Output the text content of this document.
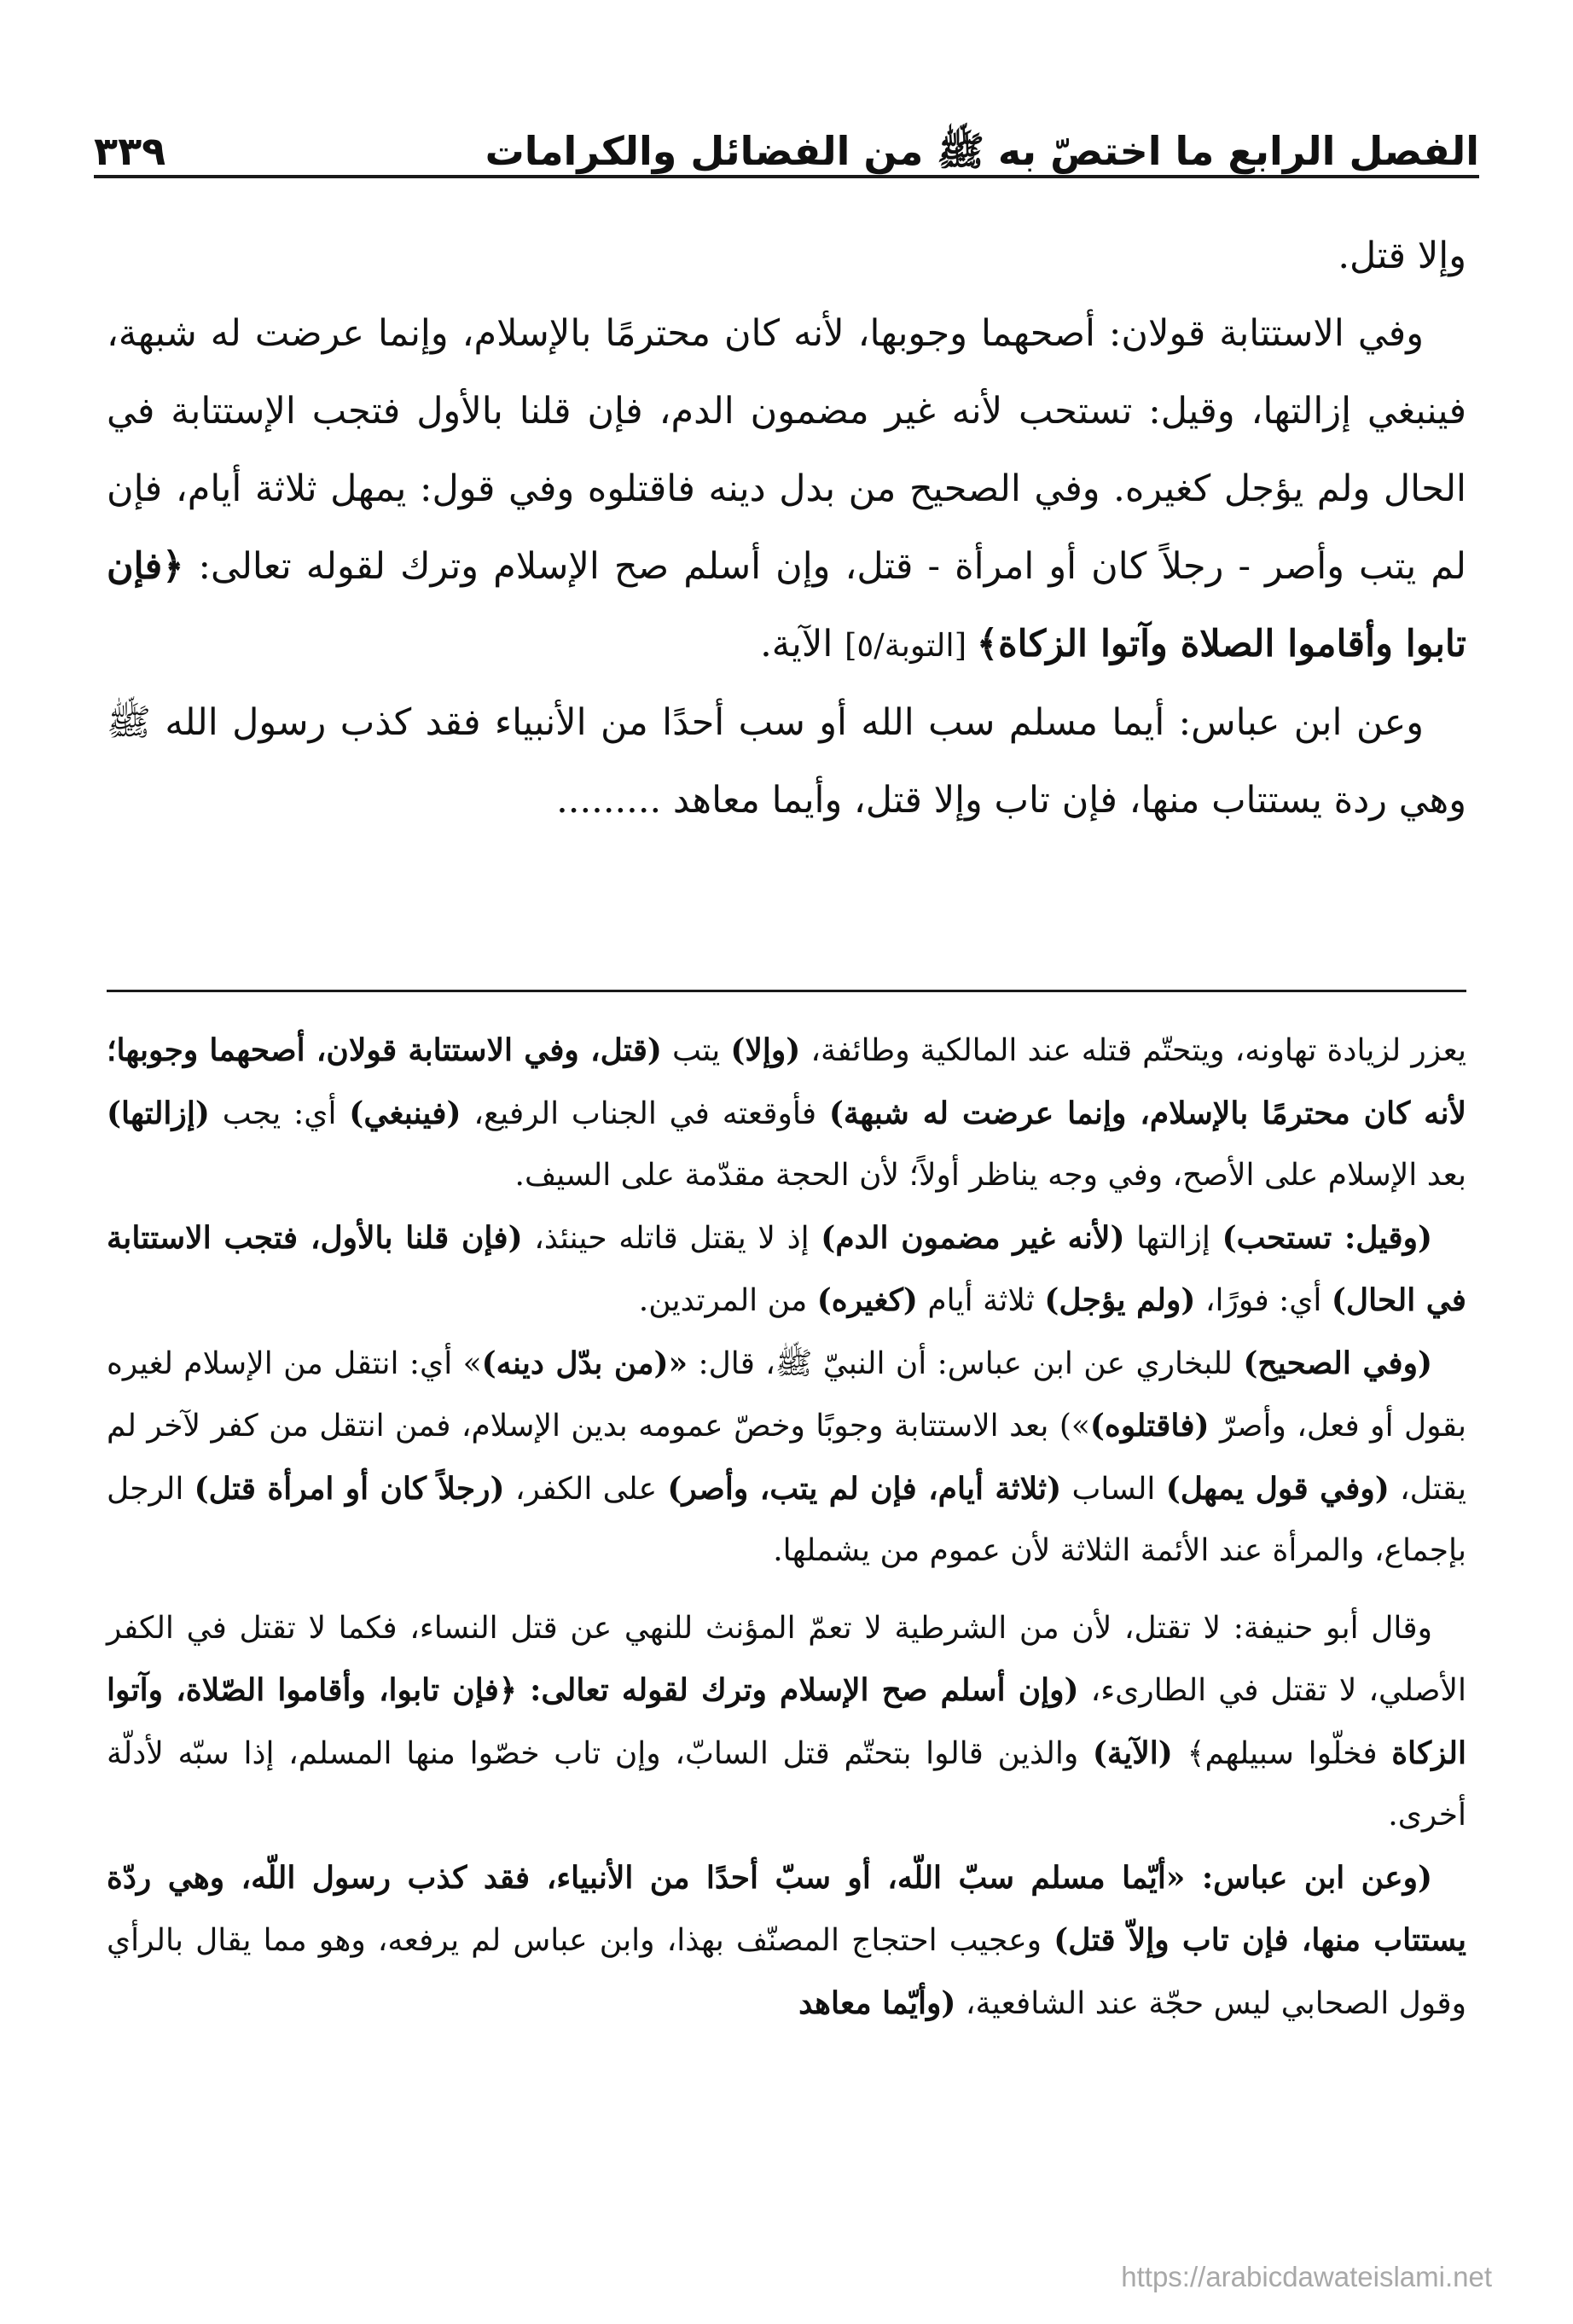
الفصل الرابع ما اختصّ به ﷺ من الفضائل والكرامات
٣٣٩

وإلا قتل.

وفي الاستتابة قولان: أصحهما وجوبها، لأنه كان محترمًا بالإسلام، وإنما عرضت له شبهة، فينبغي إزالتها، وقيل: تستحب لأنه غير مضمون الدم، فإن قلنا بالأول فتجب الإستتابة في الحال ولم يؤجل كغيره. وفي الصحيح من بدل دينه فاقتلوه وفي قول: يمهل ثلاثة أيام، فإن لم يتب وأصر - رجلاً كان أو امرأة - قتل، وإن أسلم صح الإسلام وترك لقوله تعالى: ﴿فإن تابوا وأقاموا الصلاة وآتوا الزكاة﴾ [التوبة/٥] الآية.

وعن ابن عباس: أيما مسلم سب الله أو سب أحدًا من الأنبياء فقد كذب رسول الله ﷺ وهي ردة يستتاب منها، فإن تاب وإلا قتل، وأيما معاهد .........

يعزر لزيادة تهاونه، ويتحتّم قتله عند المالكية وطائفة، (وإلا) يتب (قتل، وفي الاستتابة قولان، أصحهما وجوبها؛ لأنه كان محترمًا بالإسلام، وإنما عرضت له شبهة) فأوقعته في الجناب الرفيع، (فينبغي) أي: يجب (إزالتها) بعد الإسلام على الأصح، وفي وجه يناظر أولاً؛ لأن الحجة مقدّمة على السيف.

(وقيل: تستحب) إزالتها (لأنه غير مضمون الدم) إذ لا يقتل قاتله حينئذ، (فإن قلنا بالأول، فتجب الاستتابة في الحال) أي: فورًا، (ولم يؤجل) ثلاثة أيام (كغيره) من المرتدين.

(وفي الصحيح) للبخاري عن ابن عباس: أن النبيّ ﷺ، قال: «(من بدّل دينه)» أي: انتقل من الإسلام لغيره بقول أو فعل، وأصرّ (فاقتلوه)») بعد الاستتابة وجوبًا وخصّ عمومه بدين الإسلام، فمن انتقل من كفر لآخر لم يقتل، (وفي قول يمهل) الساب (ثلاثة أيام، فإن لم يتب، وأصر) على الكفر، (رجلاً كان أو امرأة قتل) الرجل بإجماع، والمرأة عند الأئمة الثلاثة لأن عموم من يشملها.

وقال أبو حنيفة: لا تقتل، لأن من الشرطية لا تعمّ المؤنث للنهي عن قتل النساء، فكما لا تقتل في الكفر الأصلي، لا تقتل في الطارىء، (وإن أسلم صح الإسلام وترك لقوله تعالى: ﴿فإن تابوا، وأقاموا الصّلاة، وآتوا الزكاة فخلّوا سبيلهم﴾ (الآية) والذين قالوا بتحتّم قتل السابّ، وإن تاب خصّوا منها المسلم، إذا سبّه لأدلّة أخرى.

(وعن ابن عباس: «أيّما مسلم سبّ اللّه، أو سبّ أحدًا من الأنبياء، فقد كذب رسول اللّه، وهي ردّة يستتاب منها، فإن تاب وإلاّ قتل) وعجيب احتجاج المصنّف بهذا، وابن عباس لم يرفعه، وهو مما يقال بالرأي وقول الصحابي ليس حجّة عند الشافعية، (وأيّما معاهد

https://arabicdawateislami.net
